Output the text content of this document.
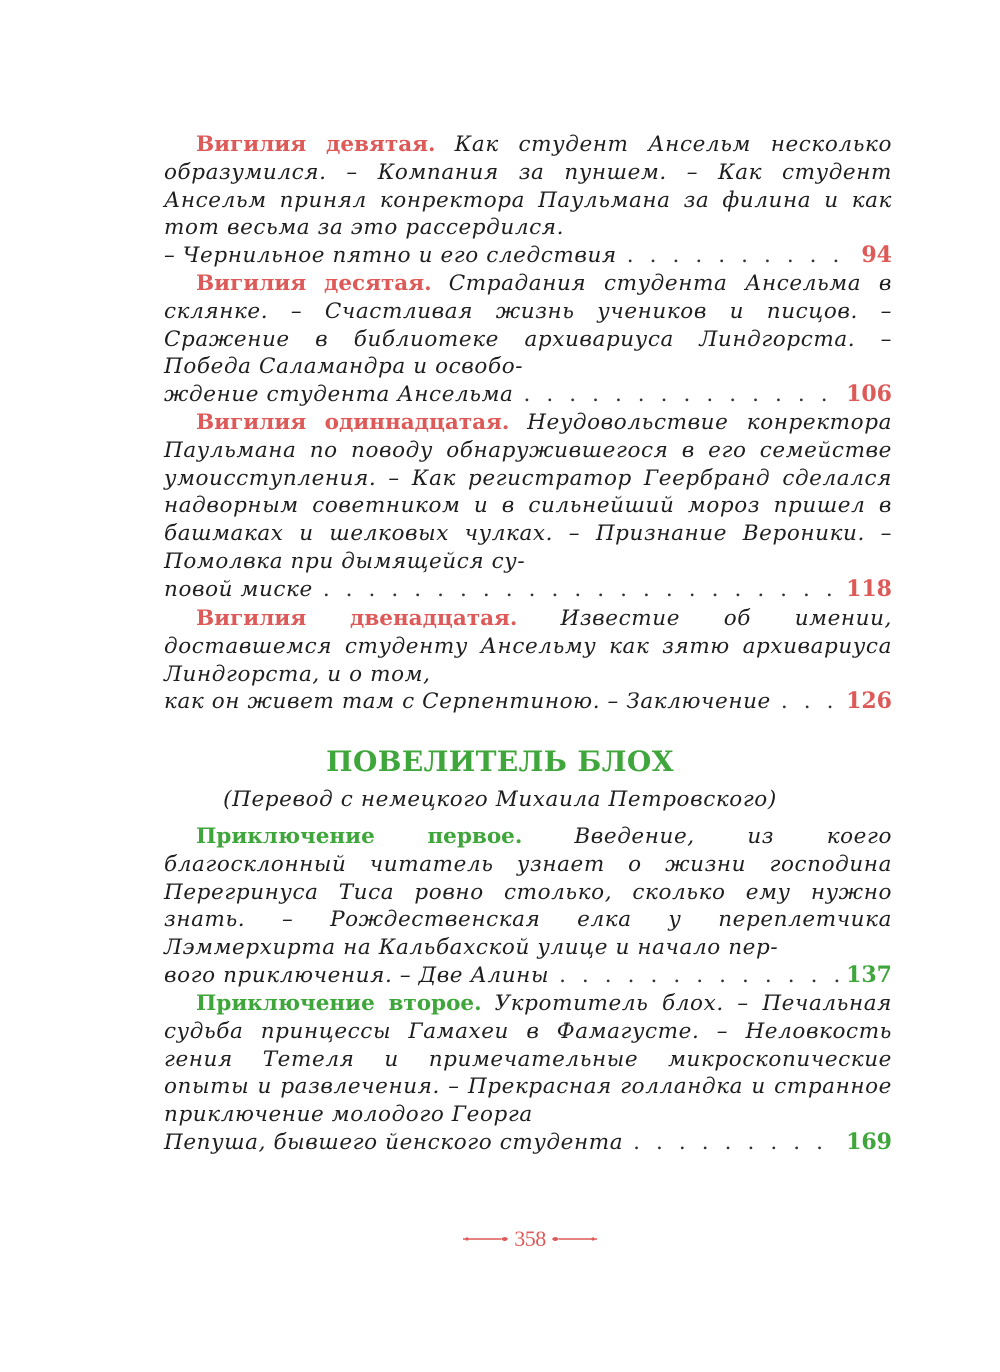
Вигилия девятая. Как студент Ансельм несколько образумился. – Компания за пуншем. – Как студент Ансельм принял конректора Паульмана за филина и как тот весьма за это рассердился.

– Чернильное пятно и его следствия . . .	94

Вигилия десятая. Страдания студента Ансельма в склянке. – Счастливая жизнь учеников и писцов. – Сражение в библиотеке архивариуса Линдгорста. – Победа Саламандра и освобо-

ждение студента Ансельма . . .	106

Вигилия одиннадцатая. Неудовольствие конректора Паульмана по поводу обнаружившегося в его семействе умоисступления. – Как регистратор Геербранд сделался надворным советником и в сильнейший мороз пришел в башмаках и шелковых чулках. – Признание Вероники. – Помолвка при дымящейся су-

повой миске . . .	118

Вигилия двенадцатая. Известие об имении, доставшемся студенту Ансельму как зятю архивариуса Линдгорста, и о том,

как он живет там с Серпентиною. – Заключение . . .	126
ПОВЕЛИТЕЛЬ БЛОХ

(Перевод с немецкого Михаила Петровского)

Приключение первое. Введение, из коего благосклонный читатель узнает о жизни господина Перегринуса Тиса ровно столько, сколько ему нужно знать. – Рождественская елка у переплетчика Лэммерхирта на Кальбахской улице и начало пер-

вого приключения. – Две Алины . . .	137

Приключение второе. Укротитель блох. – Печальная судьба принцессы Гамахеи в Фамагусте. – Неловкость гения Тетеля и примечательные микроскопические опыты и развлечения. – Прекрасная голландка и странное приключение молодого Георга

Пепуша, бывшего йенского студента . . .	169
358
